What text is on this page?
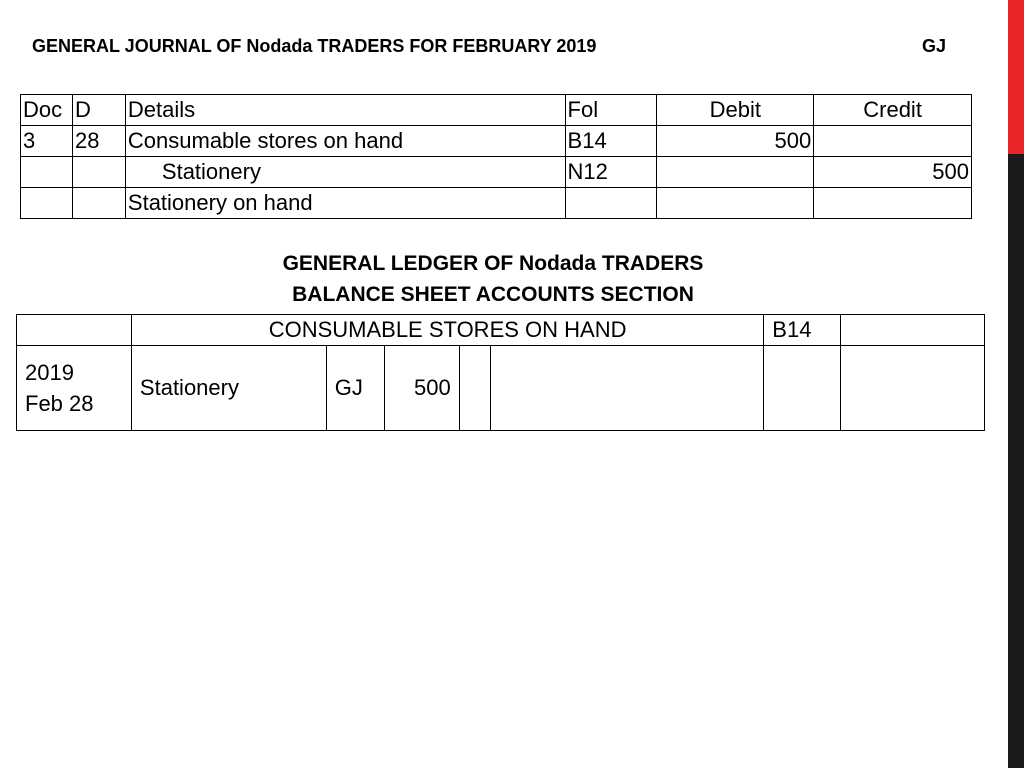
GENERAL JOURNAL OF Nodada TRADERS FOR FEBRUARY 2019	GJ
Doc	D	Details	Fol	Debit	Credit
3	28	Consumable stores on hand	B14	500	
		Stationery	N12		500
		Stationery on hand			
GENERAL LEDGER OF Nodada TRADERS
BALANCE SHEET ACCOUNTS SECTION
	CONSUMABLE STORES ON HAND					B14	

2019
Feb 28	Stationery	GJ	500				
